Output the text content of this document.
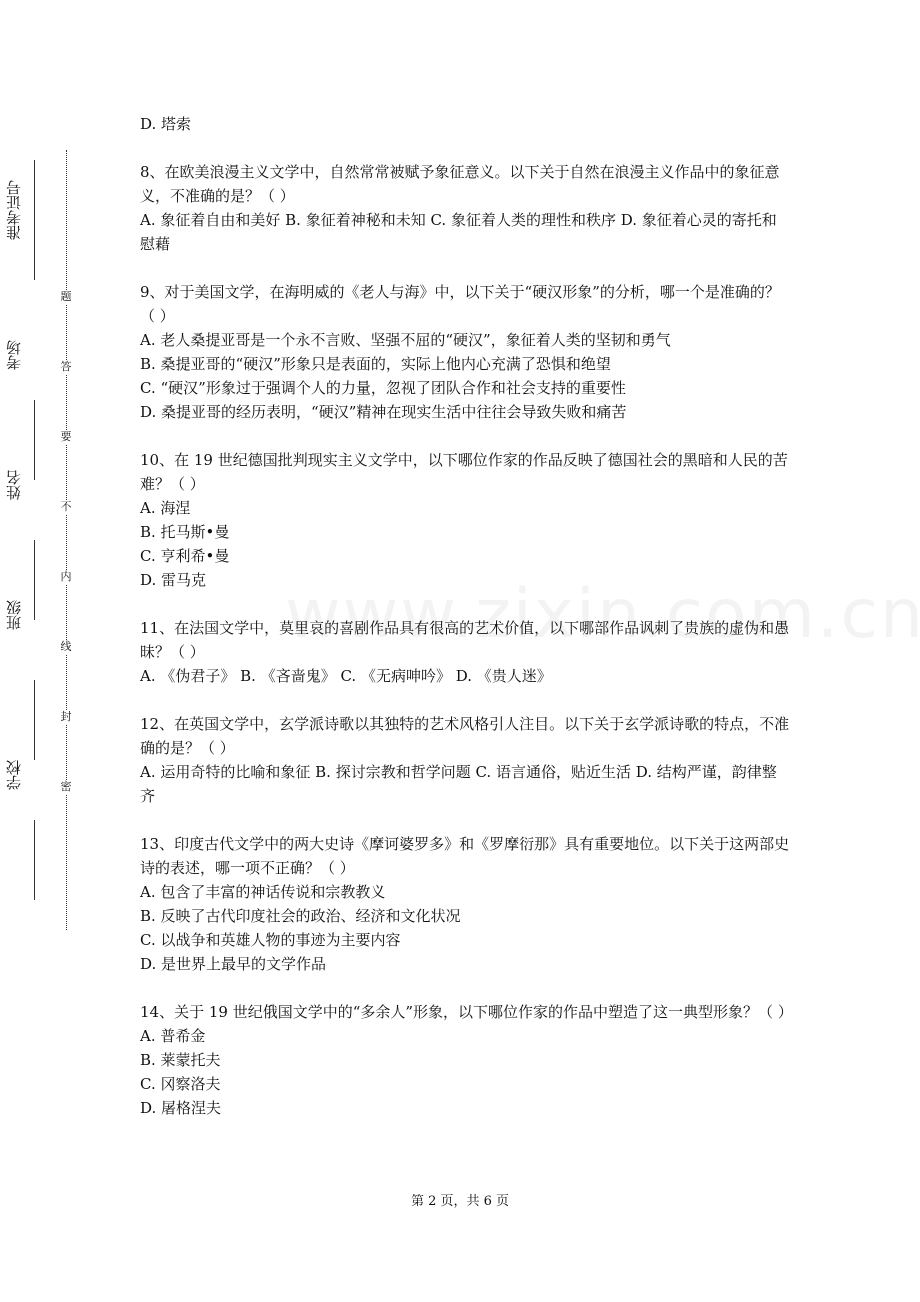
准考证号
考场
姓名
班级
学校
题
答
要
不
内
线
封
密
D. 塔索
8、在欧美浪漫主义文学中，自然常常被赋予象征意义。以下关于自然在浪漫主义作品中的象征意义，不准确的是？（ ）
A. 象征着自由和美好 B. 象征着神秘和未知 C. 象征着人类的理性和秩序 D. 象征着心灵的寄托和慰藉
9、对于美国文学，在海明威的《老人与海》中，以下关于“硬汉形象”的分析，哪一个是准确的？（ ）
A. 老人桑提亚哥是一个永不言败、坚强不屈的“硬汉”，象征着人类的坚韧和勇气
B. 桑提亚哥的“硬汉”形象只是表面的，实际上他内心充满了恐惧和绝望
C. “硬汉”形象过于强调个人的力量，忽视了团队合作和社会支持的重要性
D. 桑提亚哥的经历表明，“硬汉”精神在现实生活中往往会导致失败和痛苦
10、在 19 世纪德国批判现实主义文学中，以下哪位作家的作品反映了德国社会的黑暗和人民的苦难？（ ）
A. 海涅
B. 托马斯•曼
C. 亨利希•曼
D. 雷马克
11、在法国文学中，莫里哀的喜剧作品具有很高的艺术价值，以下哪部作品讽刺了贵族的虚伪和愚昧？（ ）
A. 《伪君子》 B. 《吝啬鬼》 C. 《无病呻吟》 D. 《贵人迷》
12、在英国文学中，玄学派诗歌以其独特的艺术风格引人注目。以下关于玄学派诗歌的特点，不准确的是？（ ）
A. 运用奇特的比喻和象征 B. 探讨宗教和哲学问题 C. 语言通俗，贴近生活 D. 结构严谨，韵律整齐
13、印度古代文学中的两大史诗《摩诃婆罗多》和《罗摩衍那》具有重要地位。以下关于这两部史诗的表述，哪一项不正确？（ ）
A. 包含了丰富的神话传说和宗教教义
B. 反映了古代印度社会的政治、经济和文化状况
C. 以战争和英雄人物的事迹为主要内容
D. 是世界上最早的文学作品
14、关于 19 世纪俄国文学中的“多余人”形象，以下哪位作家的作品中塑造了这一典型形象？（ ）
A. 普希金
B. 莱蒙托夫
C. 冈察洛夫
D. 屠格涅夫
第 2 页，共 6 页
